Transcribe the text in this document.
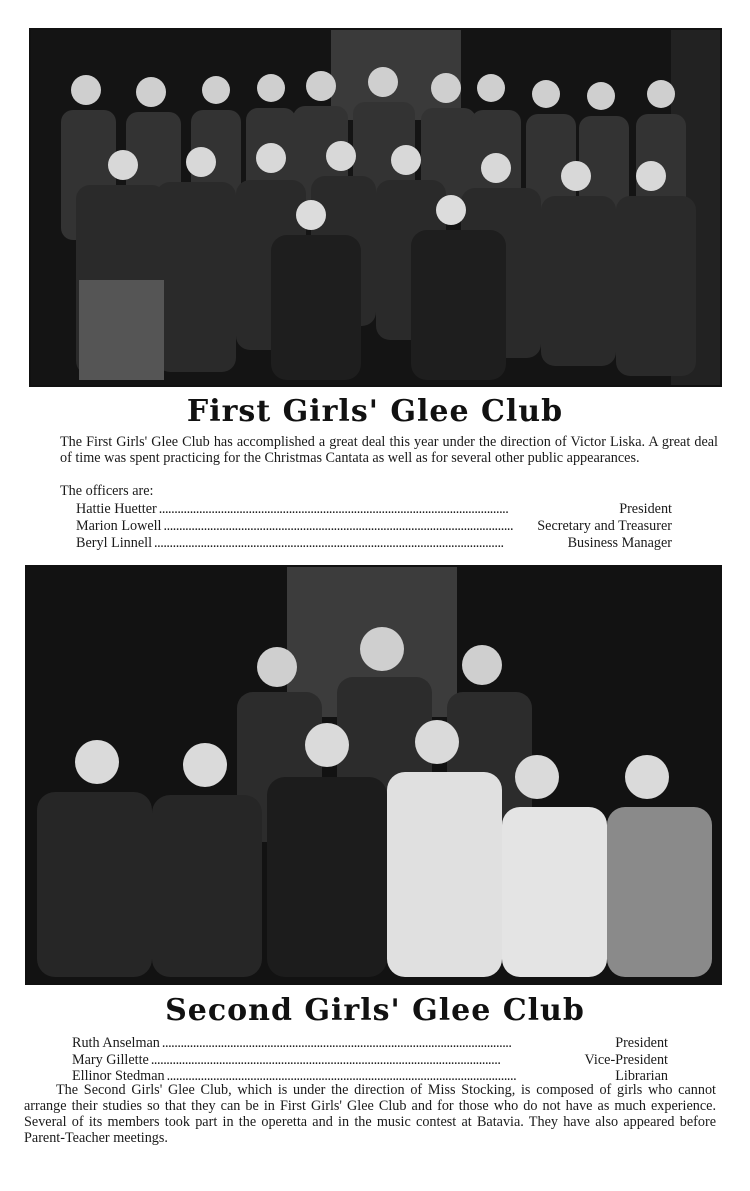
First Girls' Glee Club
The First Girls' Glee Club has accomplished a great deal this year under the direction of Victor Liska. A great deal of time was spent practicing for the Christmas Cantata as well as for several other public appearances.
The officers are:
Hattie Huetter . . .	President
Marion Lowell . . .	Secretary and Treasurer
Beryl Linnell . . .	Business Manager
Second Girls' Glee Club
Ruth Anselman . . .	President
Mary Gillette . . .	Vice-President
Ellinor Stedman . . .	Librarian
The Second Girls' Glee Club, which is under the direction of Miss Stocking, is composed of girls who cannot arrange their studies so that they can be in First Girls' Glee Club and for those who do not have as much experience. Several of its members took part in the operetta and in the music contest at Batavia. They have also appeared before Parent-Teacher meetings.
